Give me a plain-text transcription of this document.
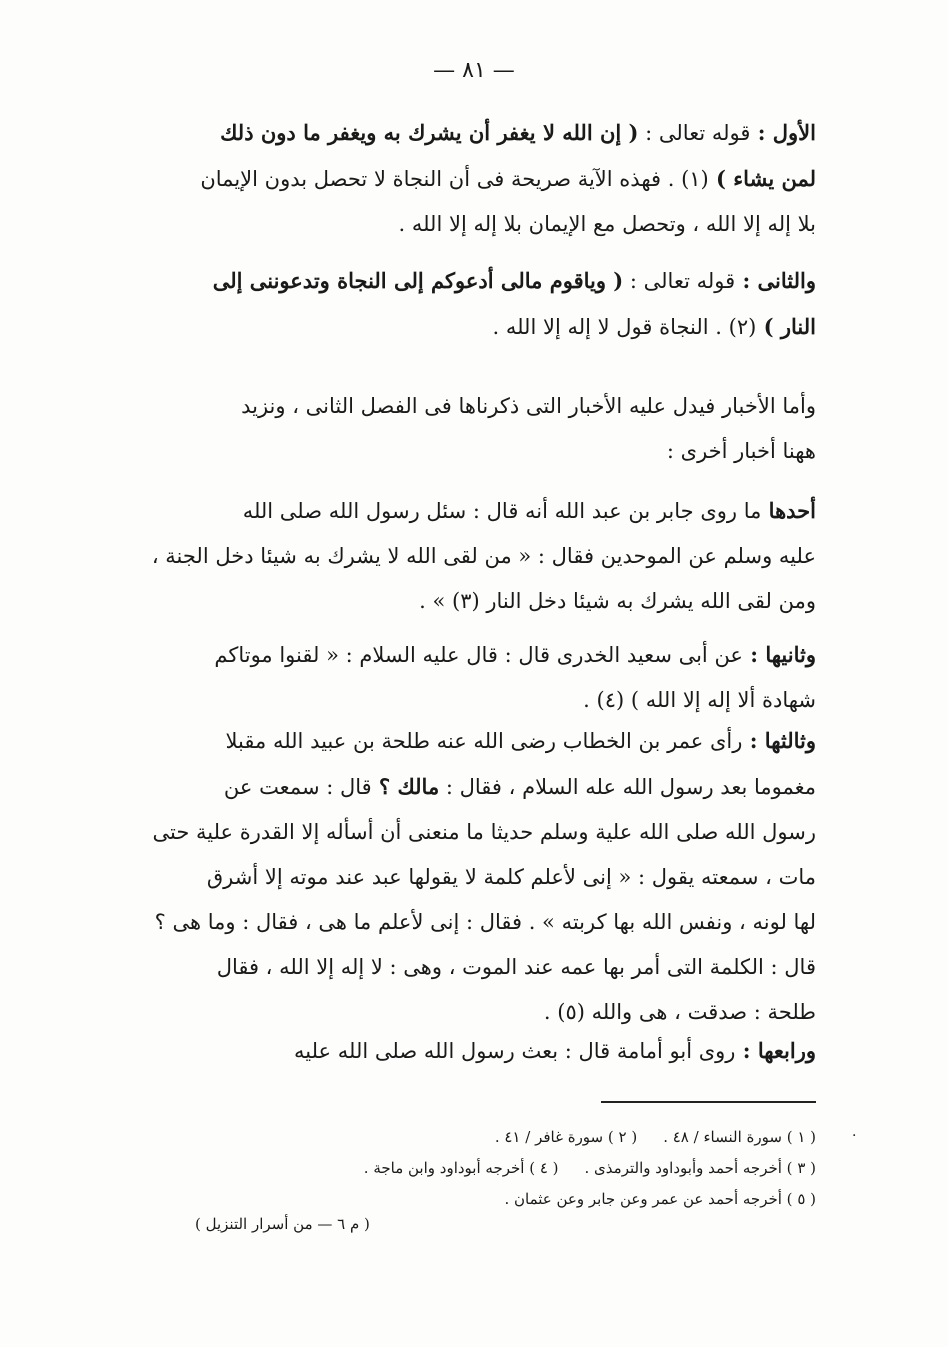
— ٨١ —
الأول : قوله تعالى : ( إن الله لا يغفر أن يشرك به ويغفر ما دون ذلك
لمن يشاء ) (١) . فهذه الآية صريحة فى أن النجاة لا تحصل بدون الإيمان
بلا إله إلا الله ، وتحصل مع الإيمان بلا إله إلا الله .
والثانى : قوله تعالى : ( وياقوم مالى أدعوكم إلى النجاة وتدعوننى إلى
النار ) (٢) . النجاة قول لا إله إلا الله .
وأما الأخبار فيدل عليه الأخبار التى ذكرناها فى الفصل الثانى ، ونزيد
ههنا أخبار أخرى :
أحدها ما روى جابر بن عبد الله أنه قال : سئل رسول الله صلى الله
عليه وسلم عن الموحدين فقال : « من لقى الله لا يشرك به شيئا دخل الجنة ،
ومن لقى الله يشرك به شيئا دخل النار (٣) » .
وثانيها : عن أبى سعيد الخدرى قال : قال عليه السلام : « لقنوا موتاكم
شهادة ألا إله إلا الله ) (٤) .
وثالثها : رأى عمر بن الخطاب رضى الله عنه طلحة بن عبيد الله مقبلا
مغموما بعد رسول الله عله السلام ، فقال : مالك ؟ قال : سمعت عن
رسول الله صلى الله علية وسلم حديثا ما منعنى أن أسأله إلا القدرة علية حتى
مات ، سمعته يقول : « إنى لأعلم كلمة لا يقولها عبد عند موته إلا أشرق
لها لونه ، ونفس الله بها كربته » . فقال : إنى لأعلم ما هى ، فقال : وما هى ؟
قال : الكلمة التى أمر بها عمه عند الموت ، وهى : لا إله إلا الله ، فقال
طلحة : صدقت ، هى والله (٥) .
ورابعها : روى أبو أمامة قال : بعث رسول الله صلى الله عليه
·
( ١ ) سورة النساء / ٤٨ .
( ٢ ) سورة غافر / ٤١ .
( ٣ ) أخرجه أحمد وأبوداود والترمذى .
( ٤ ) أخرجه أبوداود وابن ماجة .
( ٥ ) أخرجه أحمد عن عمر وعن جابر وعن عثمان .
( م ٦ — من أسرار التنزيل )
